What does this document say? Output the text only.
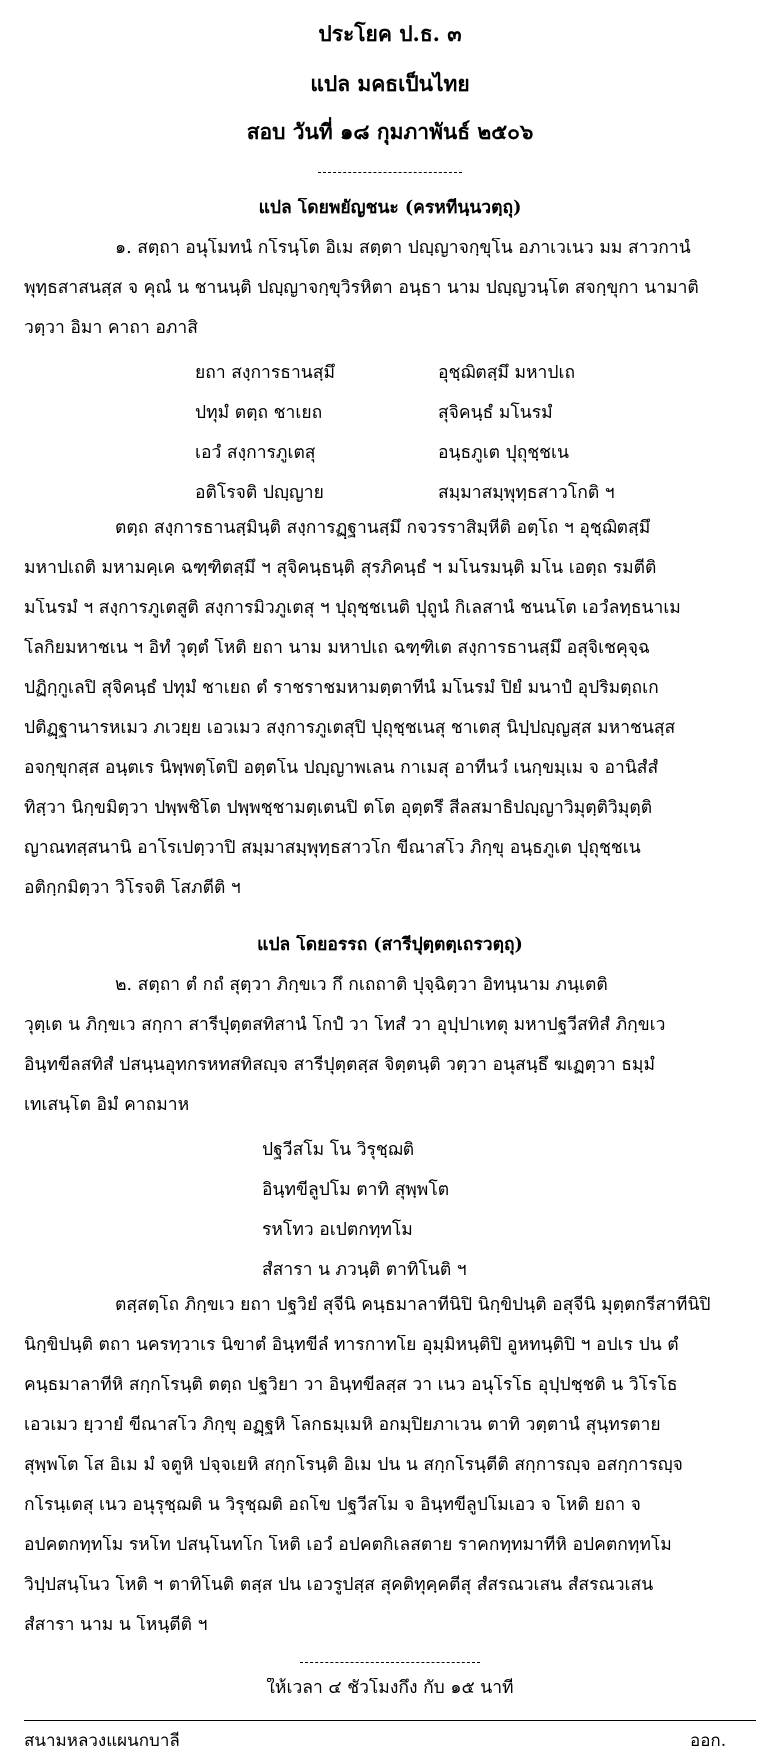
ประโยค ป.ธ. ๓
แปล มคธเป็นไทย
สอบ วันที่ ๑๘ กุมภาพันธ์ ๒๕๐๖
แปล โดยพยัญชนะ (ครหทีนฺนวตฺถุ)
๑. สตฺถา อนุโมทนํ กโรนฺโต อิเม สตฺตา ปญฺญาจกฺขุโน อภาเวเนว มม สาวกานํ
พุทฺธสาสนสฺส จ คุณํ น ชานนฺติ ปญฺญาจกฺขุวิรหิตา อนฺธา นาม ปญฺญวนฺโต สจกฺขุกา นามาติ
วตฺวา อิมา คาถา อภาสิ
ยถา สงฺการธานสฺมึ	อุชฺฌิตสฺมึ มหาปเถ
ปทุมํ ตตฺถ ชาเยถ	สุจิคนฺธํ มโนรมํ
เอวํ สงฺการภูเตสุ	อนฺธภูเต ปุถุชฺชเน
อติโรจติ ปญฺญาย	สมฺมาสมฺพุทฺธสาวโกติ ฯ
ตตฺถ สงฺการธานสฺมินฺติ สงฺการฏฺฐานสฺมึ กจวรราสิมฺหีติ อตฺโถ ฯ อุชฺฌิตสฺมึ
มหาปเถติ มหามคฺเค ฉฑฺฑิตสฺมึ ฯ สุจิคนฺธนฺติ สุรภิคนฺธํ ฯ มโนรมนฺติ มโน เอตฺถ รมตีติ
มโนรมํ ฯ สงฺการภูเตสูติ สงฺการมิวภูเตสุ ฯ ปุถุชฺชเนติ ปุถูนํ กิเลสานํ ชนนโต เอวํลทฺธนาเม
โลกิยมหาชเน ฯ อิทํ วุตฺตํ โหติ ยถา นาม มหาปเถ ฉฑฺฑิเต สงฺการธานสฺมึ อสุจิเชคุจฺฉ
ปฏิกฺกูเลปิ สุจิคนฺธํ ปทุมํ ชาเยถ ตํ ราชราชมหามตฺตาทีนํ มโนรมํ ปิยํ มนาปํ อุปริมตฺถเก
ปติฏฺฐานารหเมว ภเวยฺย เอวเมว สงฺการภูเตสุปิ ปุถุชฺชเนสุ ชาเตสุ นิปฺปญฺญสฺส มหาชนสฺส
อจกฺขุกสฺส อนฺตเร นิพฺพตฺโตปิ อตฺตโน ปญฺญาพเลน กาเมสุ อาทีนวํ เนกฺขมฺเม จ อานิสํสํ
ทิสฺวา นิกฺขมิตฺวา ปพฺพชิโต ปพฺพชฺชามตฺเตนปิ ตโต อุตฺตรึ สีลสมาธิปญฺญาวิมุตฺติวิมุตฺติ
ญาณทสฺสนานิ อาโรเปตฺวาปิ สมฺมาสมฺพุทฺธสาวโก ขีณาสโว ภิกฺขุ อนฺธภูเต ปุถุชฺชเน
อติกฺกมิตฺวา วิโรจติ โสภตีติ ฯ
แปล โดยอรรถ (สารีปุตฺตตฺเถรวตฺถุ)
๒. สตฺถา ตํ กถํ สุตฺวา ภิกฺขเว กึ กเถถาติ ปุจฺฉิตฺวา อิทนฺนาม ภนฺเตติ
วุตฺเต น ภิกฺขเว สกฺกา สารีปุตฺตสทิสานํ โกปํ วา โทสํ วา อุปฺปาเทตุ มหาปฐวีสทิสํ ภิกฺขเว
อินฺทขีลสทิสํ ปสนฺนอุทกรหทสทิสญฺจ สารีปุตฺตสฺส จิตฺตนฺติ วตฺวา อนุสนฺธึ ฆเฏตฺวา ธมฺมํ
เทเสนฺโต อิมํ คาถมาห
ปฐวีสโม โน วิรุชฺฌติ
อินฺทขีลูปโม ตาทิ สุพฺพโต
รหโทว อเปตกทฺทโม
สํสารา น ภวนฺติ ตาทิโนติ ฯ
ตสฺสตฺโถ ภิกฺขเว ยถา ปฐวิยํ สุจีนิ คนฺธมาลาทีนิปิ นิกฺขิปนฺติ อสุจีนิ มุตฺตกรีสาทีนิปิ
นิกฺขิปนฺติ ตถา นครทฺวาเร นิขาตํ อินฺทขีลํ ทารกาทโย อุมฺมิหนฺติปิ อูหทนฺติปิ ฯ อปเร ปน ตํ
คนฺธมาลาทีหิ สกฺกโรนฺติ ตตฺถ ปฐวิยา วา อินฺทขีลสฺส วา เนว อนุโรโธ อุปฺปชฺชติ น วิโรโธ
เอวเมว ยฺวายํ ขีณาสโว ภิกฺขุ อฏฺฐหิ โลกธมฺเมหิ อกมฺปิยภาเวน ตาทิ วตฺตานํ สุนฺทรตาย
สุพฺพโต โส อิเม มํ จตูหิ ปจฺจเยหิ สกฺกโรนฺติ อิเม ปน น สกฺกโรนฺตีติ สกฺการญฺจ อสกฺการญฺจ
กโรนฺเตสุ เนว อนุรุชฺฌติ น วิรุชฺฌติ อถโข ปฐวีสโม จ อินฺทขีลูปโมเอว จ โหติ ยถา จ
อปคตกทฺทโม รหโท ปสนฺโนทโก โหติ เอวํ อปคตกิเลสตาย ราคกทฺทมาทีหิ อปคตกทฺทโม
วิปฺปสนฺโนว โหติ ฯ ตาทิโนติ ตสฺส ปน เอวรูปสฺส สุคติทุคฺคตีสุ สํสรณวเสน สํสรณวเสน
สํสารา นาม น โหนฺตีติ ฯ
ให้เวลา ๔ ชั่วโมงกึ่ง กับ ๑๕ นาที
สนามหลวงแผนกบาลี	ออก.
